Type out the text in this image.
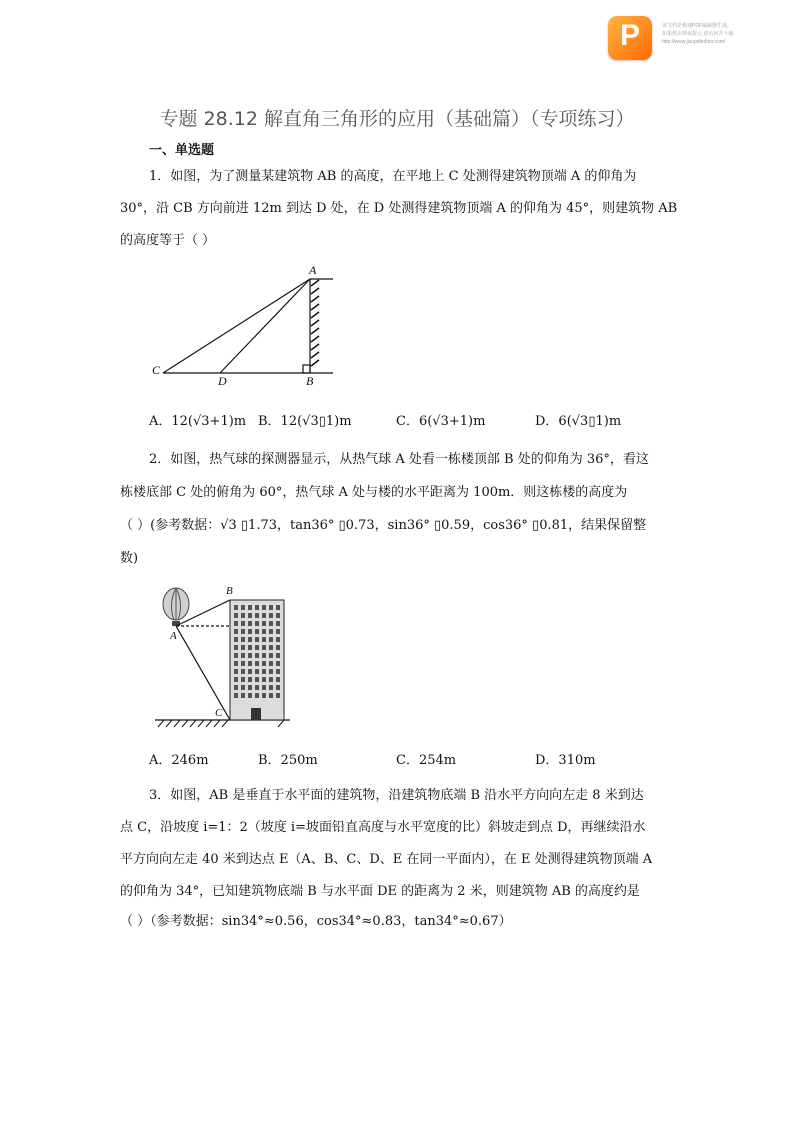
P	该文档是极速PDF编辑器生成,
如果想去掉该提示,请访问并下载:
http://www.jisupdfeditor.com/
专题 28.12 解直角三角形的应用（基础篇）（专项练习）
一、单选题
1．如图，为了测量某建筑物 AB 的高度，在平地上 C 处测得建筑物顶端 A 的仰角为
30°，沿 CB 方向前进 12m 到达 D 处，在 D 处测得建筑物顶端 A 的仰角为 45°，则建筑物 AB
的高度等于（ ）
A
B
C
D
A．12(√3+1)m B．12(√3▯1)m	C．6(√3+1)m	D．6(√3▯1)m
2．如图，热气球的探测器显示，从热气球 A 处看一栋楼顶部 B 处的仰角为 36°，看这
栋楼底部 C 处的俯角为 60°，热气球 A 处与楼的水平距离为 100m．则这栋楼的高度为
（ ）(参考数据：√3 ▯1.73，tan36° ▯0.73，sin36° ▯0.59，cos36° ▯0.81，结果保留整
数)
B
A
C
A．246m	B．250m	C．254m	D．310m
3．如图，AB 是垂直于水平面的建筑物，沿建筑物底端 B 沿水平方向向左走 8 米到达
点 C，沿坡度 i=1：2（坡度 i=坡面铅直高度与水平宽度的比）斜坡走到点 D，再继续沿水
平方向向左走 40 米到达点 E（A、B、C、D、E 在同一平面内），在 E 处测得建筑物顶端 A
的仰角为 34°，已知建筑物底端 B 与水平面 DE 的距离为 2 米，则建筑物 AB 的高度约是
（ ）（参考数据：sin34°≈0.56，cos34°≈0.83，tan34°≈0.67）
